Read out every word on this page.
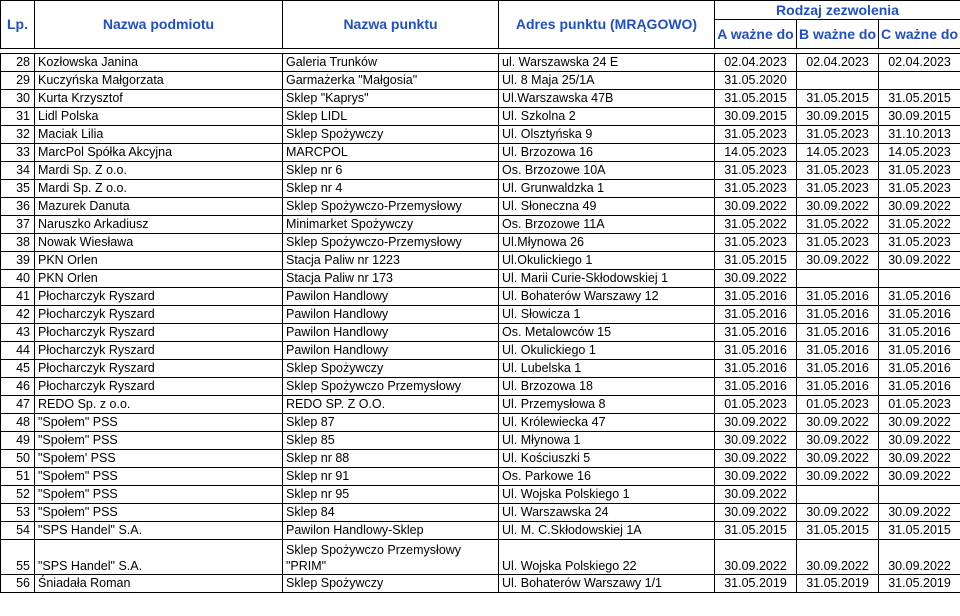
Lp.	Nazwa podmiotu	Nazwa punktu	Adres punktu (MRĄGOWO)	Rodzaj zezwolenia		
				A ważne do	B ważne do	C ważne do

28	Kozłowska Janina	Galeria Trunków	ul. Warszawska 24 E	02.04.2023	02.04.2023	02.04.2023
29	Kuczyńska Małgorzata	Garmażerka "Małgosia"	Ul. 8 Maja 25/1A	31.05.2020		
30	Kurta Krzysztof	Sklep "Kaprys"	Ul.Warszawska 47B	31.05.2015	31.05.2015	31.05.2015
31	Lidl Polska	Sklep LIDL	Ul. Szkolna 2	30.09.2015	30.09.2015	30.09.2015
32	Maciak Lilia	Sklep Spożywczy	Ul. Olsztyńska 9	31.05.2023	31.05.2023	31.10.2013
33	MarcPol Spółka Akcyjna	MARCPOL	Ul. Brzozowa 16	14.05.2023	14.05.2023	14.05.2023
34	Mardi Sp. Z o.o.	Sklep nr 6	Os. Brzozowe 10A	31.05.2023	31.05.2023	31.05.2023
35	Mardi Sp. Z o.o.	Sklep nr 4	Ul. Grunwaldzka 1	31.05.2023	31.05.2023	31.05.2023
36	Mazurek Danuta	Sklep Spożywczo-Przemysłowy	Ul. Słoneczna 49	30.09.2022	30.09.2022	30.09.2022
37	Naruszko Arkadiusz	Minimarket Spożywczy	Os. Brzozowe 11A	31.05.2022	31.05.2022	31.05.2022
38	Nowak Wiesława	Sklep Spożywczo-Przemysłowy	Ul.Młynowa 26	31.05.2023	31.05.2023	31.05.2023
39	PKN Orlen	Stacja Paliw nr 1223	Ul.Okulickiego 1	31.05.2015	30.09.2022	30.09.2022
40	PKN Orlen	Stacja Paliw nr 173	Ul. Marii Curie-Skłodowskiej 1	30.09.2022		
41	Płocharczyk Ryszard	Pawilon Handlowy	Ul. Bohaterów Warszawy 12	31.05.2016	31.05.2016	31.05.2016
42	Płocharczyk Ryszard	Pawilon Handlowy	Ul. Słowicza 1	31.05.2016	31.05.2016	31.05.2016
43	Płocharczyk Ryszard	Pawilon Handlowy	Os. Metalowców 15	31.05.2016	31.05.2016	31.05.2016
44	Płocharczyk Ryszard	Pawilon Handlowy	Ul. Okulickiego 1	31.05.2016	31.05.2016	31.05.2016
45	Płocharczyk Ryszard	Sklep Spożywczy	Ul. Lubelska 1	31.05.2016	31.05.2016	31.05.2016
46	Płocharczyk Ryszard	Sklep Spożywczo Przemysłowy	Ul. Brzozowa 18	31.05.2016	31.05.2016	31.05.2016
47	REDO Sp. z o.o.	REDO SP. Z O.O.	Ul. Przemysłowa 8	01.05.2023	01.05.2023	01.05.2023
48	"Społem" PSS	Sklep 87	Ul. Królewiecka 47	30.09.2022	30.09.2022	30.09.2022
49	"Społem" PSS	Sklep 85	Ul. Młynowa 1	30.09.2022	30.09.2022	30.09.2022
50	"Społem' PSS	Sklep nr 88	Ul. Kościuszki 5	30.09.2022	30.09.2022	30.09.2022
51	"Społem" PSS	Sklep nr 91	Os. Parkowe 16	30.09.2022	30.09.2022	30.09.2022
52	"Społem" PSS	Sklep nr 95	Ul. Wojska Polskiego 1	30.09.2022		
53	"Społem" PSS	Sklep 84	Ul. Warszawska 24	30.09.2022	30.09.2022	30.09.2022
54	"SPS Handel" S.A.	Pawilon Handlowy-Sklep	Ul. M. C.Skłodowskiej 1A	31.05.2015	31.05.2015	31.05.2015
55	"SPS Handel" S.A.	Sklep Spożywczo Przemysłowy "PRIM"	Ul. Wojska Polskiego 22	30.09.2022	30.09.2022	30.09.2022
56	Śniadała Roman	Sklep Spożywczy	Ul. Bohaterów Warszawy 1/1	31.05.2019	31.05.2019	31.05.2019
